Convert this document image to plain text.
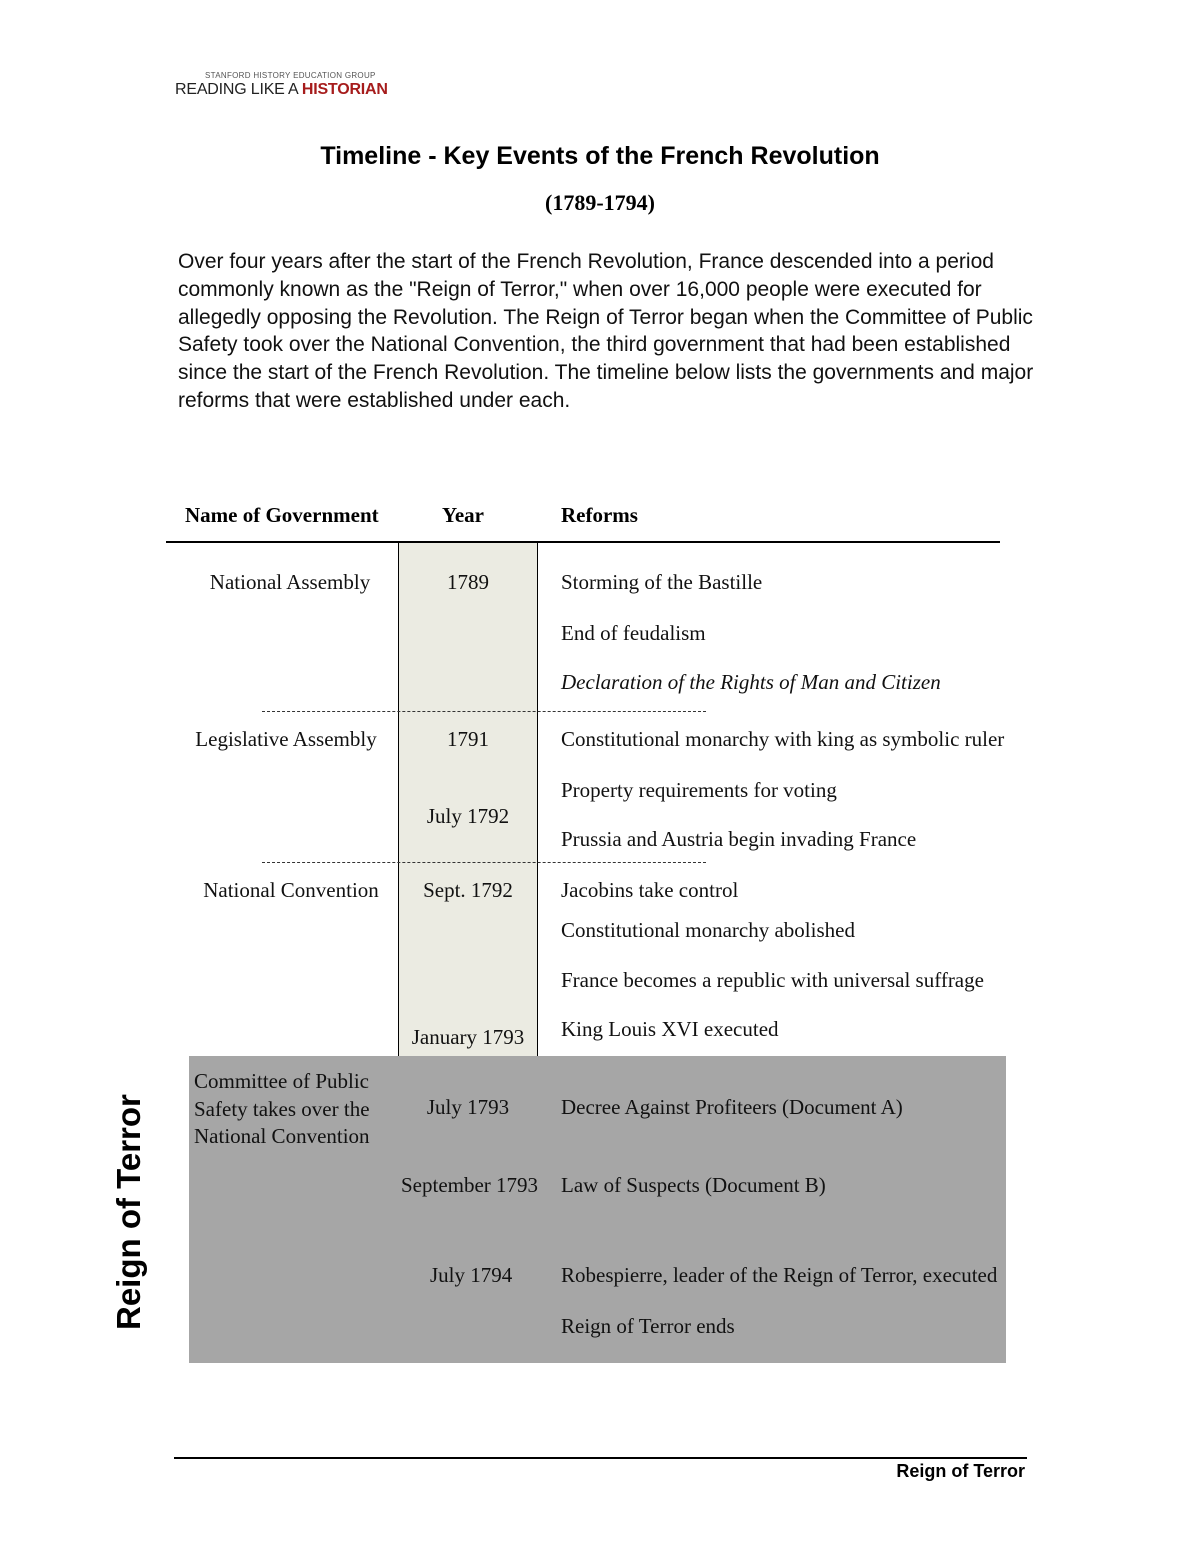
STANFORD HISTORY EDUCATION GROUP
READING LIKE A HISTORIAN
Timeline - Key Events of the French Revolution
(1789-1794)
Over four years after the start of the French Revolution, France descended into a period commonly known as the "Reign of Terror," when over 16,000 people were executed for allegedly opposing the Revolution. The Reign of Terror began when the Committee of Public Safety took over the National Convention, the third government that had been established since the start of the French Revolution. The timeline below lists the governments and major reforms that were established under each.
Name of Government	Year	Reforms
National Assembly
Legislative Assembly
National Convention
Committee of Public Safety takes over the National Convention
1789
1791
July 1792
Sept. 1792
January 1793
July 1793
September 1793
July 1794
Storming of the Bastille
End of feudalism
Declaration of the Rights of Man and Citizen
Constitutional monarchy with king as symbolic ruler
Property requirements for voting
Prussia and Austria begin invading France
Jacobins take control
Constitutional monarchy abolished
France becomes a republic with universal suffrage
King Louis XVI executed
Decree Against Profiteers (Document A)
Law of Suspects (Document B)
Robespierre, leader of the Reign of Terror, executed
Reign of Terror ends
Reign of Terror
Reign of Terror
